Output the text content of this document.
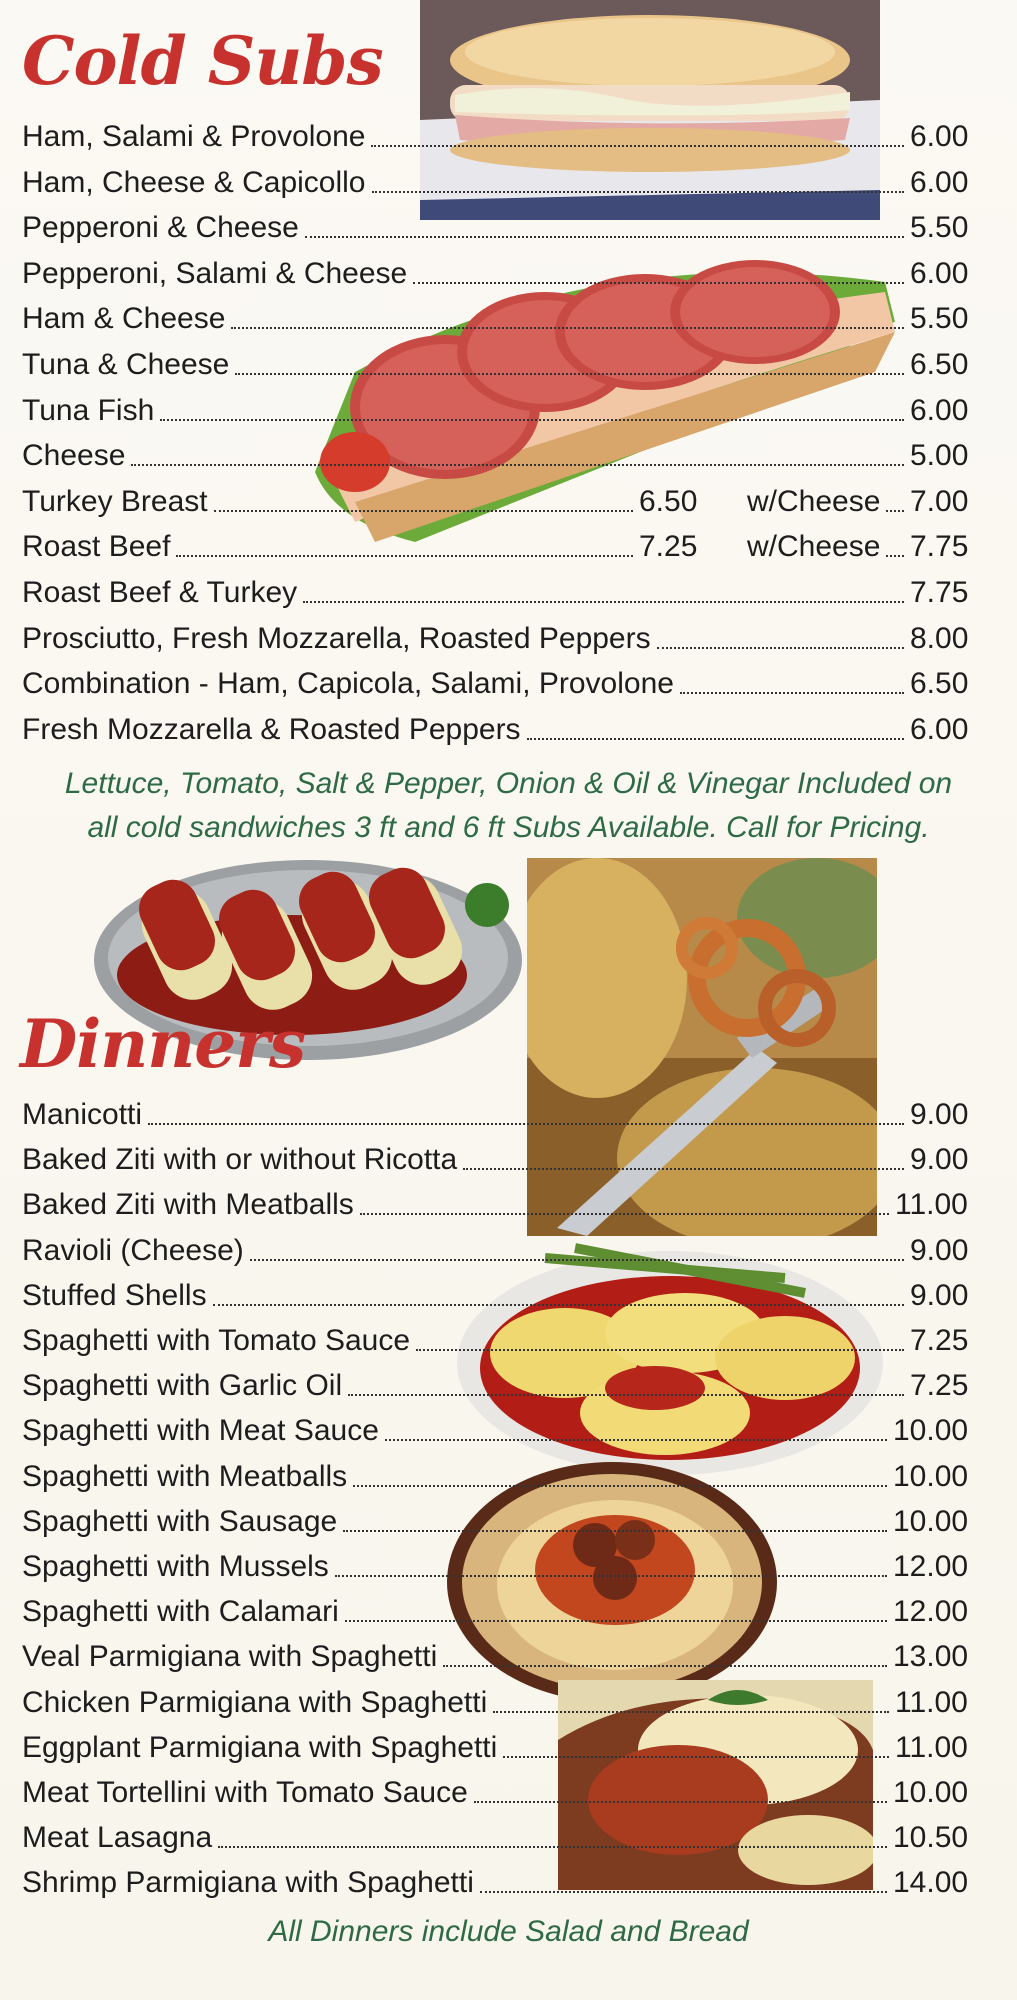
Cold Subs
Ham, Salami & Provolone	6.00
Ham, Cheese & Capicollo	6.00
Pepperoni & Cheese	5.50
Pepperoni, Salami & Cheese	6.00
Ham & Cheese	5.50
Tuna & Cheese	6.50
Tuna Fish	6.00
Cheese	5.00
Turkey Breast	6.50 w/Cheese 7.00
Roast Beef	7.25 w/Cheese 7.75
Roast Beef & Turkey	7.75
Prosciutto, Fresh Mozzarella, Roasted Peppers	8.00
Combination - Ham, Capicola, Salami, Provolone	6.50
Fresh Mozzarella & Roasted Peppers	6.00
Lettuce, Tomato, Salt & Pepper, Onion & Oil & Vinegar Included on
all cold sandwiches 3 ft and 6 ft Subs Available. Call for Pricing.
Dinners
Manicotti	9.00
Baked Ziti with or without Ricotta	9.00
Baked Ziti with Meatballs	11.00
Ravioli (Cheese)	9.00
Stuffed Shells	9.00
Spaghetti with Tomato Sauce	7.25
Spaghetti with Garlic Oil	7.25
Spaghetti with Meat Sauce	10.00
Spaghetti with Meatballs	10.00
Spaghetti with Sausage	10.00
Spaghetti with Mussels	12.00
Spaghetti with Calamari	12.00
Veal Parmigiana with Spaghetti	13.00
Chicken Parmigiana with Spaghetti	11.00
Eggplant Parmigiana with Spaghetti	11.00
Meat Tortellini with Tomato Sauce	10.00
Meat Lasagna	10.50
Shrimp Parmigiana with Spaghetti	14.00
All Dinners include Salad and Bread
